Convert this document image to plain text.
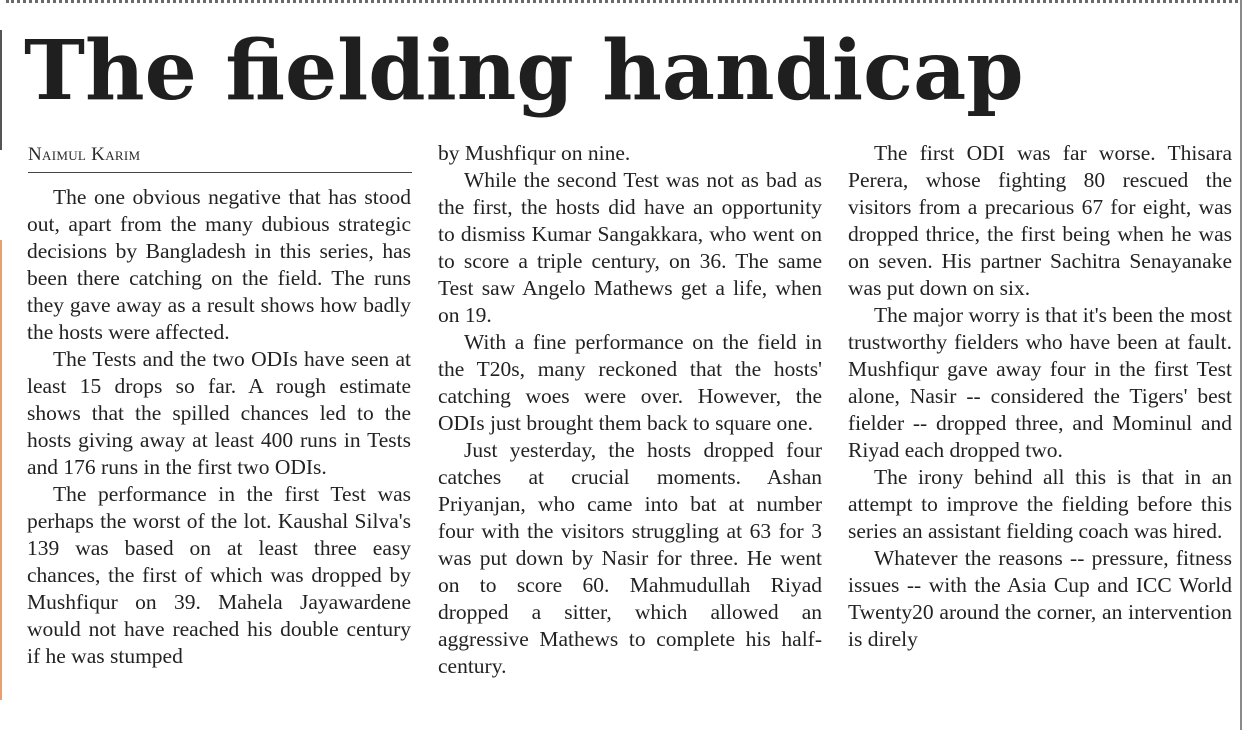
The fielding handicap
Naimul Karim

The one obvious negative that has stood out, apart from the many dubious strategic decisions by Bangladesh in this series, has been there catching on the field. The runs they gave away as a result shows how badly the hosts were affected.

The Tests and the two ODIs have seen at least 15 drops so far. A rough estimate shows that the spilled chances led to the hosts giving away at least 400 runs in Tests and 176 runs in the first two ODIs.

The performance in the first Test was perhaps the worst of the lot. Kaushal Silva's 139 was based on at least three easy chances, the first of which was dropped by Mushfiqur on 39. Mahela Jayawardene would not have reached his double century if he was stumped

by Mushfiqur on nine.

While the second Test was not as bad as the first, the hosts did have an opportunity to dismiss Kumar Sangakkara, who went on to score a triple century, on 36. The same Test saw Angelo Mathews get a life, when on 19.

With a fine performance on the field in the T20s, many reckoned that the hosts' catching woes were over. However, the ODIs just brought them back to square one.

Just yesterday, the hosts dropped four catches at crucial moments. Ashan Priyanjan, who came into bat at number four with the visitors struggling at 63 for 3 was put down by Nasir for three. He went on to score 60. Mahmudullah Riyad dropped a sitter, which allowed an aggressive Mathews to complete his half-century.

The first ODI was far worse. Thisara Perera, whose fighting 80 rescued the visitors from a precarious 67 for eight, was dropped thrice, the first being when he was on seven. His partner Sachitra Senayanake was put down on six.

The major worry is that it's been the most trustworthy fielders who have been at fault. Mushfiqur gave away four in the first Test alone, Nasir -- considered the Tigers' best fielder -- dropped three, and Mominul and Riyad each dropped two.

The irony behind all this is that in an attempt to improve the fielding before this series an assistant fielding coach was hired.

Whatever the reasons -- pressure, fitness issues -- with the Asia Cup and ICC World Twenty20 around the corner, an intervention is direly
